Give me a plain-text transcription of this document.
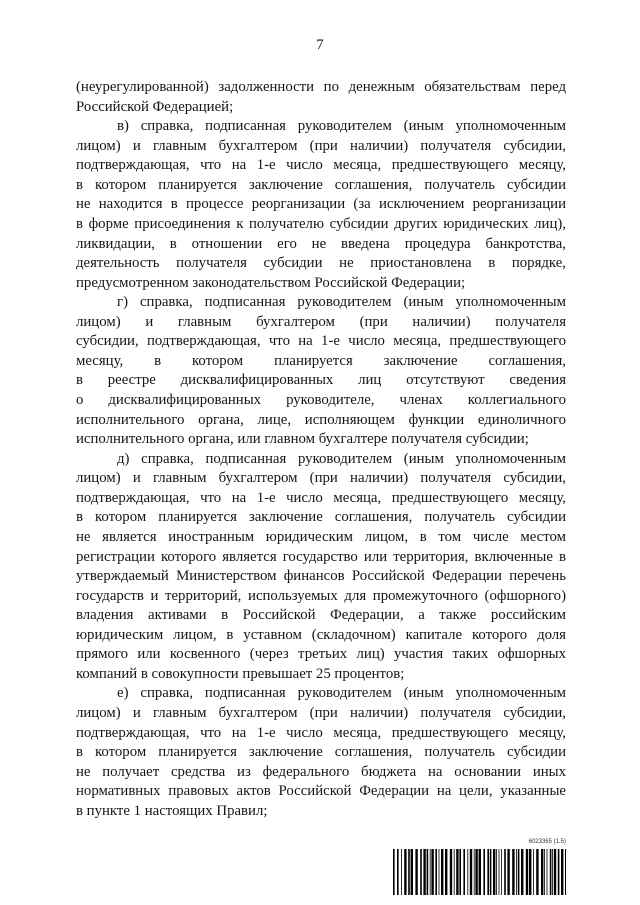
7
(неурегулированной) задолженности по денежным обязательствам перед
Российской Федерацией;
в) справка, подписанная руководителем (иным уполномоченным
лицом) и главным бухгалтером (при наличии) получателя субсидии,
подтверждающая, что на 1-е число месяца, предшествующего месяцу,
в котором планируется заключение соглашения, получатель субсидии
не находится в процессе реорганизации (за исключением реорганизации
в форме присоединения к получателю субсидии других юридических лиц),
ликвидации, в отношении его не введена процедура банкротства,
деятельность получателя субсидии не приостановлена в порядке,
предусмотренном законодательством Российской Федерации;
г) справка, подписанная руководителем (иным уполномоченным
лицом) и главным бухгалтером (при наличии) получателя
субсидии, подтверждающая, что на 1-е число месяца, предшествующего
месяцу, в котором планируется заключение соглашения,
в реестре дисквалифицированных лиц отсутствуют сведения
о дисквалифицированных руководителе, членах коллегиального
исполнительного органа, лице, исполняющем функции единоличного
исполнительного органа, или главном бухгалтере получателя субсидии;
д) справка, подписанная руководителем (иным уполномоченным
лицом) и главным бухгалтером (при наличии) получателя субсидии,
подтверждающая, что на 1-е число месяца, предшествующего месяцу,
в котором планируется заключение соглашения, получатель субсидии
не является иностранным юридическим лицом, в том числе местом
регистрации которого является государство или территория, включенные в
утверждаемый Министерством финансов Российской Федерации перечень
государств и территорий, используемых для промежуточного (офшорного)
владения активами в Российской Федерации, а также российским
юридическим лицом, в уставном (складочном) капитале которого доля
прямого или косвенного (через третьих лиц) участия таких офшорных
компаний в совокупности превышает 25 процентов;
е) справка, подписанная руководителем (иным уполномоченным
лицом) и главным бухгалтером (при наличии) получателя субсидии,
подтверждающая, что на 1-е число месяца, предшествующего месяцу,
в котором планируется заключение соглашения, получатель субсидии
не получает средства из федерального бюджета на основании иных
нормативных правовых актов Российской Федерации на цели, указанные
в пункте 1 настоящих Правил;
6023365 (1.5)
